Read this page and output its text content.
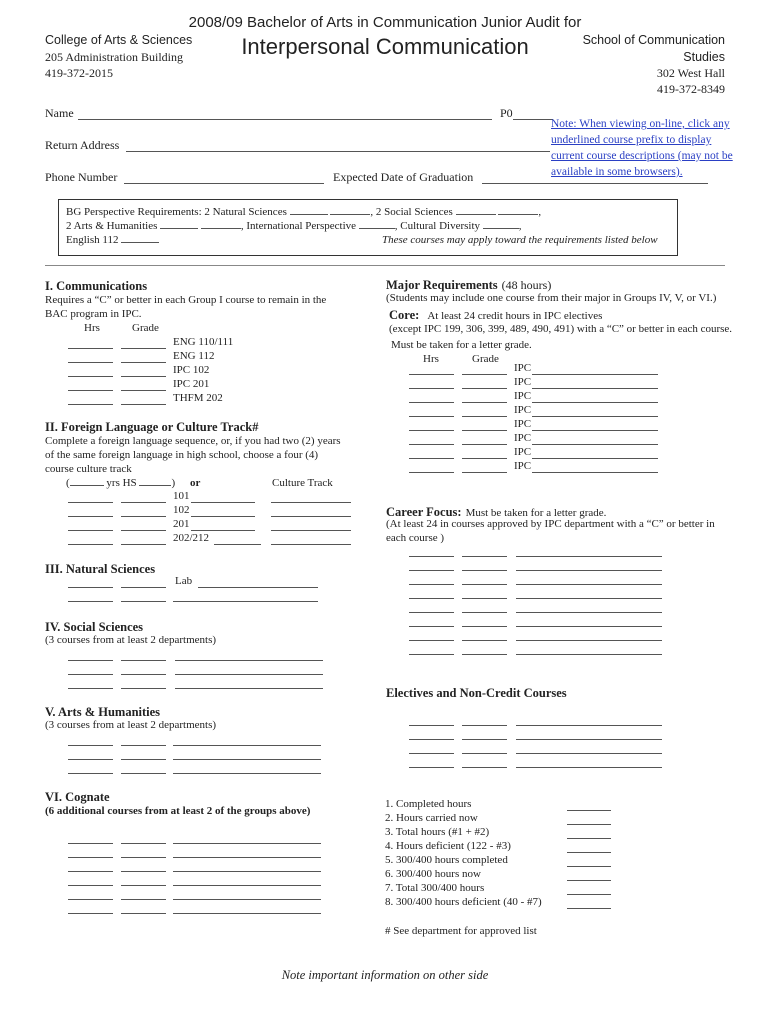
2008/09 Bachelor of Arts in Communication Junior Audit for
Interpersonal Communication
College of Arts & Sciences
205 Administration Building
419-372-2015
School of Communication
Studies
302 West Hall
419-372-8349
Name	P0
Return Address
Phone Number	Expected Date of Graduation
Note: When viewing on-line, click any
underlined course prefix to display
current course descriptions (may not be
available in some browsers).
BG Perspective Requirements: 2 Natural Sciences	, 2 Social Sciences	,
2 Arts & Humanities	, International Perspective	, Cultural Diversity	,
English 112	These courses may apply toward the requirements listed below
I. Communications
Requires a “C” or better in each Group I course to remain in the
BAC program in IPC.
Hrs	Grade
ENG 110/111
ENG 112
IPC 102
IPC 201
THFM 202
II. Foreign Language or Culture Track#
Complete a foreign language sequence, or, if you had two (2) years
of the same foreign language in high school, choose a four (4)
course culture track
(	yrs HS	) or	Culture Track
101
102
201
202/212
III. Natural Sciences
Lab
IV. Social Sciences
(3 courses from at least 2 departments)
V. Arts & Humanities
(3 courses from at least 2 departments)
VI. Cognate
(6 additional courses from at least 2 of the groups above)
Major Requirements (48 hours)
(Students may include one course from their major in Groups IV, V, or VI.)
Core: At least 24 credit hours in IPC electives
(except IPC 199, 306, 399, 489, 490, 491) with a “C” or better in each course.
Must be taken for a letter grade.
Hrs	Grade
IPC
IPC
IPC
IPC
IPC
IPC
IPC
IPC
Career Focus: Must be taken for a letter grade.
(At least 24 in courses approved by IPC department with a “C” or better in
each course )
Electives and Non-Credit Courses
1. Completed hours
2. Hours carried now
3. Total hours (#1 + #2)
4. Hours deficient (122 - #3)
5. 300/400 hours completed
6. 300/400 hours now
7. Total 300/400 hours
8. 300/400 hours deficient (40 - #7)
# See department for approved list
Note important information on other side
